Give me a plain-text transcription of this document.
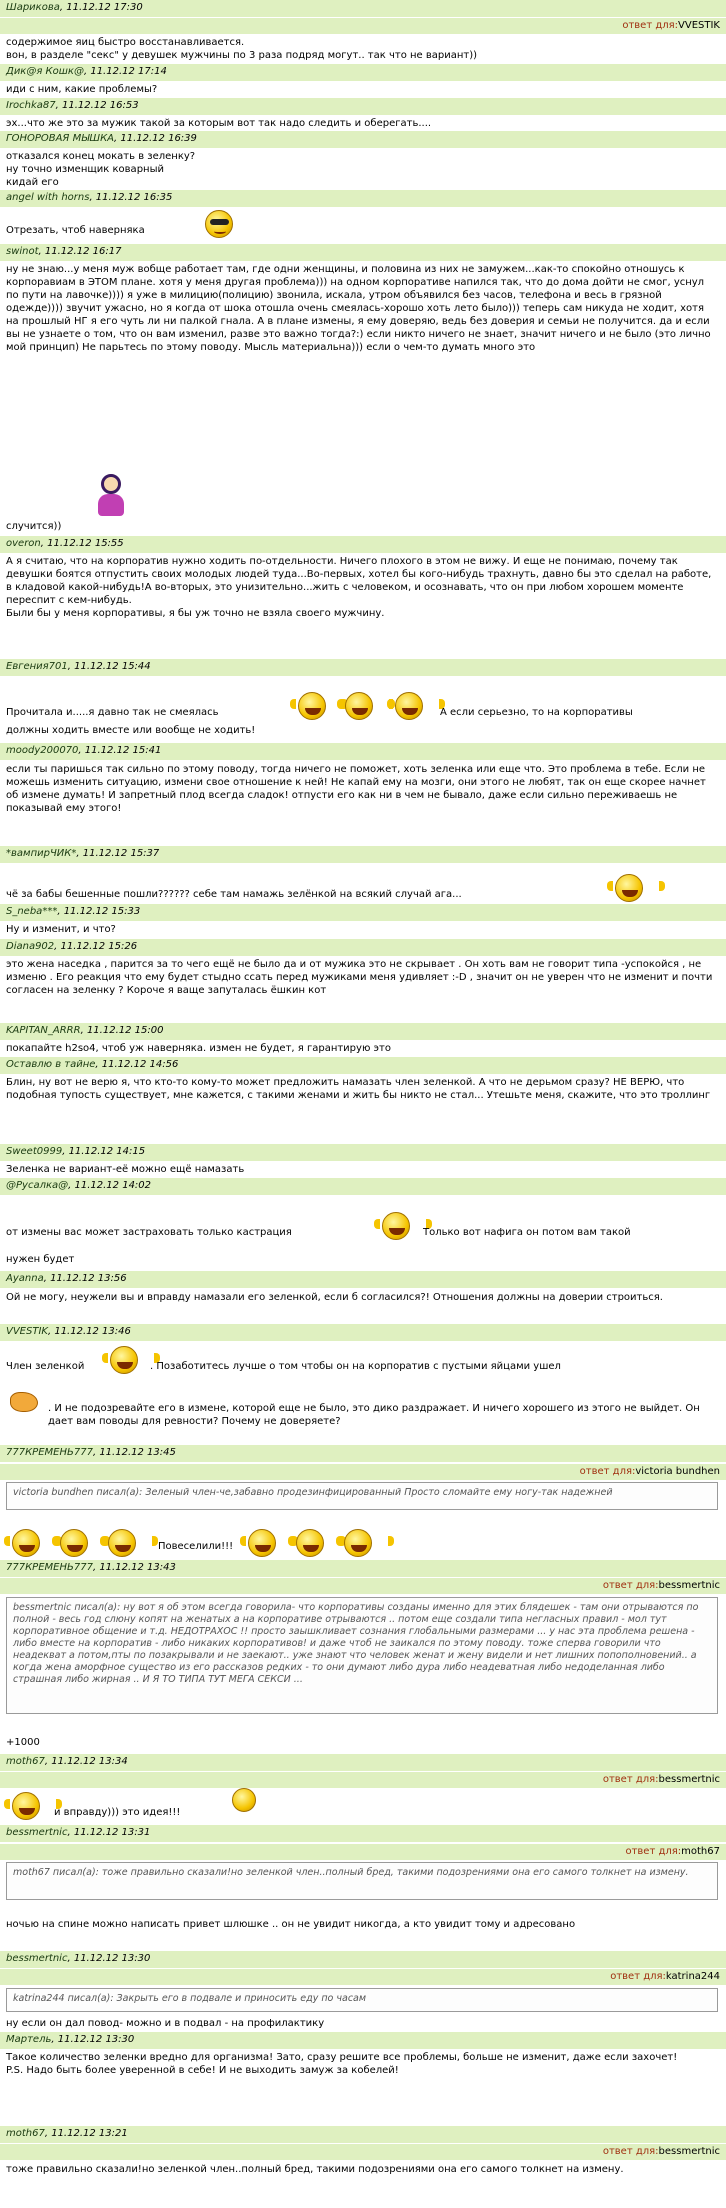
Шарикова, 11.12.12 17:30
ответ для:VVESTIK
содержимое яиц быстро восстанавливается.
вон, в разделе "секс" у девушек мужчины по 3 раза подряд могут.. так что не вариант))
Дик@я Кошк@, 11.12.12 17:14
иди с ним, какие проблемы?
Irochka87, 11.12.12 16:53
эх...что же это за мужик такой за которым вот так надо следить и оберегать....
ГОНОРОВАЯ МЫШКА, 11.12.12 16:39
отказался конец мокать в зеленку?
ну точно изменщик коварный
кидай его
angel with horns, 11.12.12 16:35
Отрезать, чтоб наверняка
swinot, 11.12.12 16:17
ну не знаю...у меня муж вобще работает там, где одни женщины, и половина из них не замужем...как-то спокойно отношусь к корпоравиам в ЭТОМ плане. хотя у меня другая проблема))) на одном корпоративе напился так, что до дома дойти не смог, уснул по пути на лавочке)))) я уже в милицию(полицию) звонила, искала, утром объявился без часов, телефона и весь в грязной одежде)))) звучит ужасно, но я когда от шока отошла очень смеялась-хорошо хоть лето было))) теперь сам никуда не ходит, хотя на прошлый НГ я его чуть ли ни палкой гнала. А в плане измены, я ему доверяю, ведь без доверия и семьи не получится. да и если вы не узнаете о том, что он вам изменил, разве это важно тогда?:) если никто ничего не знает, значит ничего и не было (это лично мой принцип) Не парьтесь по этому поводу. Мысль материальна))) если о чем-то думать много это
случится))
overon, 11.12.12 15:55
А я считаю, что на корпоратив нужно ходить по-отдельности. Ничего плохого в этом не вижу. И еще не понимаю, почему так девушки боятся отпустить своих молодых людей туда...Во-первых, хотел бы кого-нибудь трахнуть, давно бы это сделал на работе, в кладовой какой-нибудь!А во-вторых, это унизительно...жить с человеком, и осознавать, что он при любом хорошем моменте переспит с кем-нибудь.
Были бы у меня корпоративы, я бы уж точно не взяла своего мужчину.
Евгения701, 11.12.12 15:44
Прочитала и.....я давно так не смеялась	А если серьезно, то на корпоративы
должны ходить вместе или вообще не ходить!
moody200070, 11.12.12 15:41
если ты паришься так сильно по этому поводу, тогда ничего не поможет, хоть зеленка или еще что. Это проблема в тебе. Если не можешь изменить ситуацию, измени свое отношение к ней! Не капай ему на мозги, они этого не любят, так он еще скорее начнет об измене думать! И запретный плод всегда сладок! отпусти его как ни в чем не бывало, даже если сильно переживаешь не показывай ему этого!
*вампирЧИК*, 11.12.12 15:37
чё за бабы бешенные пошли?????? себе там намажь зелёнкой на всякий случай ага...
S_neba***, 11.12.12 15:33
Ну и изменит, и что?
Diana902, 11.12.12 15:26
это жена наседка , парится за то чего ещё не было да и от мужика это не скрывает . Он хоть вам не говорит типа -успокойся , не изменю . Его реакция что ему будет стыдно ссать перед мужиками меня удивляет :-D , значит он не уверен что не изменит и почти согласен на зеленку ? Короче я ваще запуталась ёшкин кот
KAPITAN_ARRR, 11.12.12 15:00
покапайте h2so4, чтоб уж наверняка. измен не будет, я гарантирую это
Оставлю в тайне, 11.12.12 14:56
Блин, ну вот не верю я, что кто-то кому-то может предложить намазать член зеленкой. А что не дерьмом сразу? НЕ ВЕРЮ, что подобная тупость существует, мне кажется, с такими женами и жить бы никто не стал... Утешьте меня, скажите, что это троллинг
Sweet0999, 11.12.12 14:15
Зеленка не вариант-её можно ещё намазать
@Русалка@, 11.12.12 14:02
от измены вас может застраховать только кастрация	Только вот нафига он потом вам такой
нужен будет
Ayanna, 11.12.12 13:56
Ой не могу, неужели вы и вправду намазали его зеленкой, если б согласился?! Отношения должны на доверии строиться.
VVESTIK, 11.12.12 13:46
Член зеленкой	. Позаботитесь лучше о том чтобы он на корпоратив с пустыми яйцами ушел
. И не подозревайте его в измене, которой еще не было, это дико раздражает. И ничего хорошего из этого не выйдет. Он дает вам поводы для ревности? Почему не доверяете?
777КРЕМЕНЬ777, 11.12.12 13:45
ответ для:victoria bundhen
victoria bundhen писал(а): Зеленый член-че,забавно продезинфицированный Просто сломайте ему ногу-так надежней
Повеселили!!!
777КРЕМЕНЬ777, 11.12.12 13:43
ответ для:bessmertnic
bessmertnic писал(а): ну вот я об этом всегда говорила- что корпоративы созданы именно для этих блядешек - там они отрываются по полной - весь год слюну копят на женатых а на корпоративе отрываются .. потом еще создали типа негласных правил - мол тут корпоративное общение и т.д. НЕДОТРАХОС !! просто заышкливает сознания глобальными размерами ... у нас эта проблема решена - либо вместе на корпоратив - либо никаких корпоративов! и даже чтоб не заикался по этому поводу. тоже сперва говорили что неадекват а потом,пты по позакрывали и не заекают.. уже знают что человек женат и жену видели и нет лишних попополновений.. а когда жена аморфное существо из его рассказов редких - то они думают либо дура либо неадеватная либо недоделанная либо страшная либо жирная .. И Я ТО ТИПА ТУТ МЕГА СЕКСИ ...
+1000
moth67, 11.12.12 13:34
ответ для:bessmertnic
и вправду))) это идея!!!
bessmertnic, 11.12.12 13:31
ответ для:moth67
moth67 писал(а): тоже правильно сказали!но зеленкой член..полный бред, такими подозрениями она его самого толкнет на измену.
ночью на спине можно написать привет шлюшке .. он не увидит никогда, а кто увидит тому и адресовано
bessmertnic, 11.12.12 13:30
ответ для:katrina244
katrina244 писал(а): Закрыть его в подвале и приносить еду по часам
ну если он дал повод- можно и в подвал - на профилактику
Мартель, 11.12.12 13:30
Такое количество зеленки вредно для организма! Зато, сразу решите все проблемы, больше не изменит, даже если захочет!
P.S. Надо быть более уверенной в себе! И не выходить замуж за кобелей!
moth67, 11.12.12 13:21
ответ для:bessmertnic
тоже правильно сказали!но зеленкой член..полный бред, такими подозрениями она его самого толкнет на измену.
